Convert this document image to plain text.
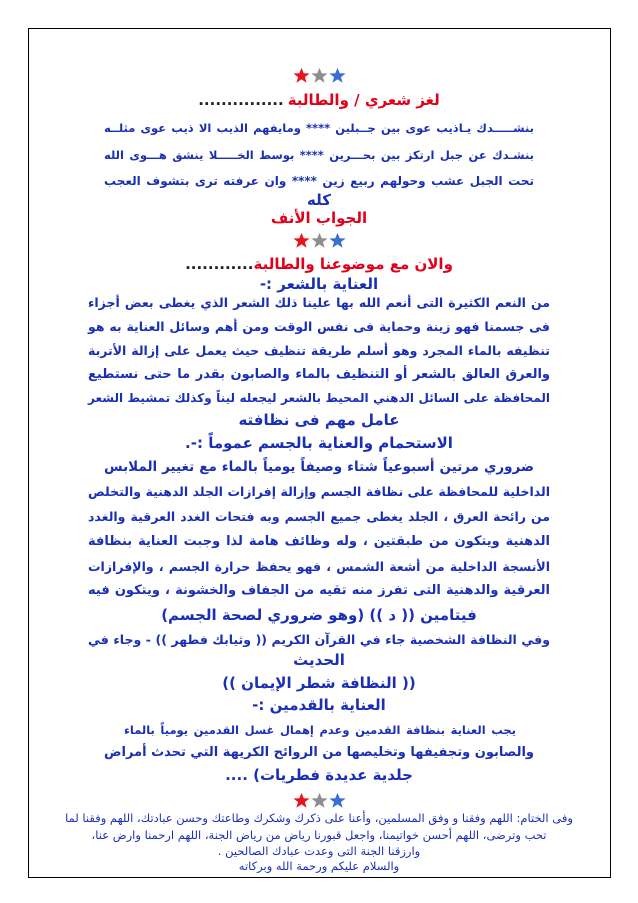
لغز شعري / والطالبة...............
بنشـــــدك يـاذيب عوى بين جــبلين **** ومايفهم الذيب الا ذيب عوى مثلــه
بنشـدك عن جبل ارتكز بين بحـــرين **** بوسط الخـــــلا ينشق هـــوى الله
تحت الجبل عشب وحولهم ربيع زين **** وان عرفته ترى بتشوف العجب
كله
الجواب الأنف
والان مع موضوعنا والطالبة............
العناية بالشعر :-
من النعم الكثيرة التى أنعم الله بها علينا ذلك الشعر الذي يغطى بعض أجزاء
فى جسمنا فهو زينة وحماية فى نفس الوقت ومن أهم وسائل العناية به هو
تنظيفه بالماء المجرد وهو أسلم طريقة تنظيف حيث يعمل على إزالة الأتربة
والعرق العالق بالشعر أو التنظيف بالماء والصابون بقدر ما حتى نستطيع
المحافظة على السائل الدهني المحيط بالشعر ليجعله ليناً وكذلك تمشيط الشعر
عامل مهم فى نظافته
الاستحمام والعناية بالجسم عموماً :-.
ضروري مرتين أسبوعياً شتاء وصيفاً يومياً بالماء مع تغيير الملابس
الداخلية للمحافظة على نظافة الجسم وإزالة إفرازات الجلد الدهنية والتخلص
من رائحة العرق ، الجلد يغطى جميع الجسم وبه فتحات الغدد العرقية والغدد
الدهنية ويتكون من طبقتين ، وله وظائف هامة لذا وجبت العناية بنظافة
الأنسجة الداخلية من أشعة الشمس ، فهو يحفظ حرارة الجسم ، والإفرازات
العرقية والدهنية التى تفرز منه تقيه من الجفاف والخشونة ، ويتكون فيه
فيتامين (( د )) (وهو ضروري لصحة الجسم)
وفي النظافة الشخصية جاء في القرآن الكريم (( وثيابك فطهر )) - وجاء في
الحديث
(( النظافة شطر الإيمان ))
العناية بالقدمين :-
يجب العناية بنظافة القدمين وعدم إهمال غسل القدمين يومياً بالماء
والصابون وتجفيفها وتخليصها من الروائح الكريهة التي تحدث أمراض
جلدية عديدة فطريات) ....
وفى الختام: اللهم وفقنا و وفق المسلمين، وأعنا على ذكرك وشكرك وطاعتك وحسن عبادتك، اللهم وفقنا لما
تحب وترضى، اللهم أحسن خواتيمنا، واجعل قبورنا رياض من رياض الجنة، اللهم ارحمنا وارض عنا،
وارزقنا الجنة التى وعدت عبادك الصالحين .
والسلام عليكم ورحمة الله وبركاته
